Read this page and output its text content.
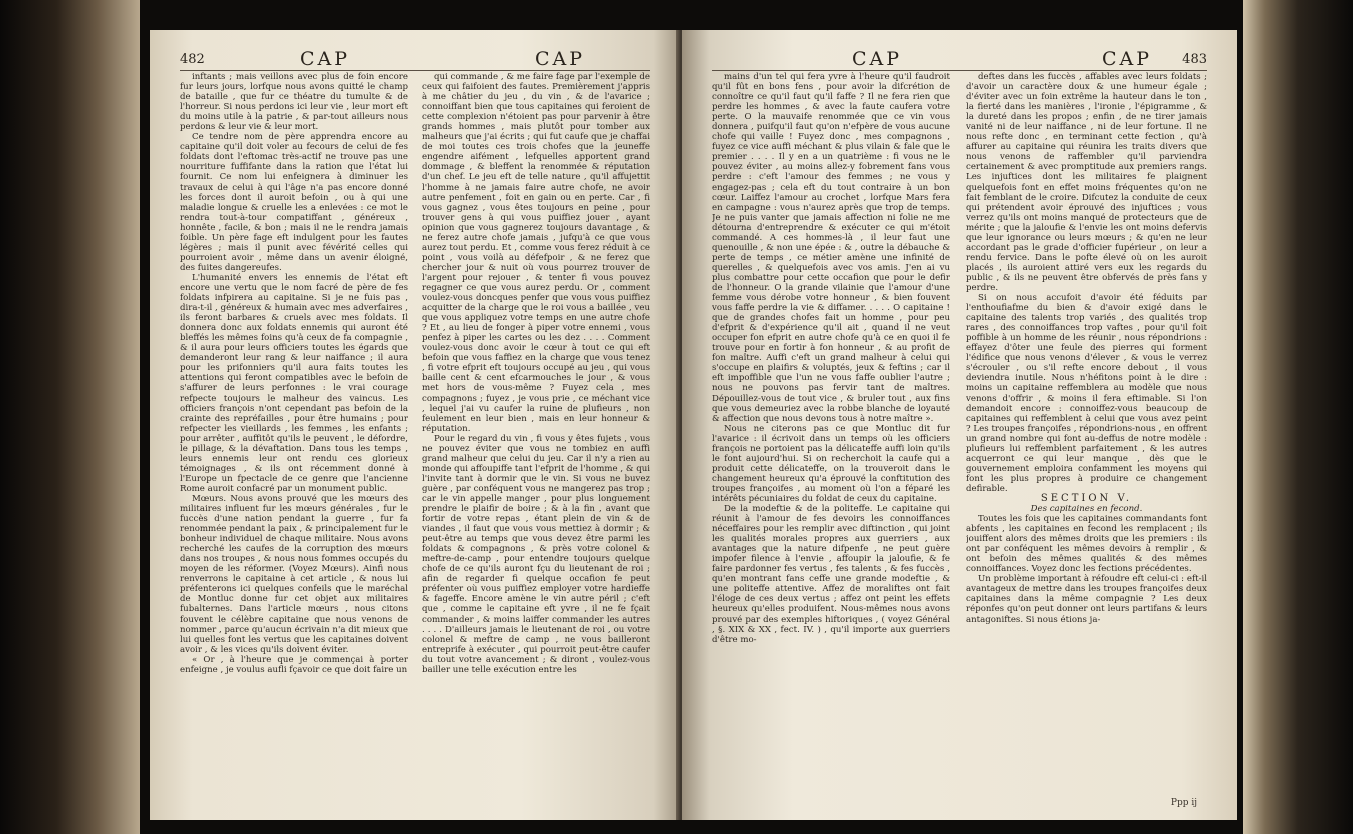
482	CAP	CAP

inftants ; mais veillons avec plus de foin encore fur leurs jours, lorfque nous avons quitté le champ de bataille , que fur ce théatre du tumulte & de l'horreur. Si nous perdons ici leur vie , leur mort eft du moins utile à la patrie , & par-tout ailleurs nous perdons & leur vie & leur mort.

Ce tendre nom de père apprendra encore au capitaine qu'il doit voler au fecours de celui de fes foldats dont l'eftomac très-actif ne trouve pas une nourriture fuffifante dans la ration que l'état lui fournit. Ce nom lui enfeignera à diminuer les travaux de celui à qui l'âge n'a pas encore donné les forces dont il auroit befoin , ou à qui une maladie longue & cruelle les a enlevées : ce mot le rendra tout-à-tour compatiffant , généreux , honnête , facile, & bon ; mais il ne le rendra jamais foible. Un père fage eft indulgent pour les fautes légères ; mais il punit avec févérité celles qui pourroient avoir , même dans un avenir éloigné, des fuites dangereufes.

L'humanité envers les ennemis de l'état eft encore une vertu que le nom facré de père de fes foldats infpirera au capitaine. Si je ne fuis pas , dira-t-il , généreux & humain avec mes adverfaires , ils feront barbares & cruels avec mes foldats. Il donnera donc aux foldats ennemis qui auront été bleffés les mêmes foins qu'à ceux de fa compagnie , & il aura pour leurs officiers toutes les égards que demanderont leur rang & leur naiffance ; il aura pour les prifonniers qu'il aura faits toutes les attentions qui feront compatibles avec le befoin de s'affurer de leurs perfonnes : le vrai courage refpecte toujours le malheur des vaincus. Les officiers françois n'ont cependant pas befoin de la crainte des repréfailles , pour être humains ; pour refpecter les vieillards , les femmes , les enfants ; pour arrêter , auffitôt qu'ils le peuvent , le défordre, le pillage, & la dévaftation. Dans tous les temps , leurs ennemis leur ont rendu ces glorieux témoignages , & ils ont récemment donné à l'Europe un fpectacle de ce genre que l'ancienne Rome auroit confacré par un monument public.

Mœurs. Nous avons prouvé que les mœurs des militaires influent fur les mœurs générales , fur le fuccès d'une nation pendant la guerre , fur fa renommée pendant la paix , & principalement fur le bonheur individuel de chaque militaire. Nous avons recherché les caufes de la corruption des mœurs dans nos troupes , & nous nous fommes occupés du moyen de les réformer. (Voyez Mœurs). Ainfi nous renverrons le capitaine à cet article , & nous lui préfenterons ici quelques confeils que le maréchal de Montluc donne fur cet objet aux militaires fubalternes. Dans l'article mœurs , nous citons fouvent le célèbre capitaine que nous venons de nommer , parce qu'aucun écrivain n'a dit mieux que lui quelles font les vertus que les capitaines doivent avoir , & les vices qu'ils doivent éviter.

« Or , à l'heure que je commençai à porter enfeigne , je voulus aufli fçavoir ce que doit faire un

qui commande , & me faire fage par l'exemple de ceux qui faifoient des fautes. Premièrement j'appris à me châtier du jeu , du vin , & de l'avarice ; connoiffant bien que tous capitaines qui feroient de cette complexion n'étoient pas pour parvenir à être grands hommes , mais plutôt pour tomber aux malheurs que j'ai écrits ; qui fut caufe que je chaffai de moi toutes ces trois chofes que la jeuneffe engendre aifément , lefquelles apportent grand dommage , & bleffent la renommée & réputation d'un chef. Le jeu eft de telle nature , qu'il affujettit l'homme à ne jamais faire autre chofe, ne avoir autre penfement , foit en gain ou en perte. Car , fi vous gagnez , vous êtes toujours en peine , pour trouver gens à qui vous puiffiez jouer , ayant opinion que vous gagnerez toujours davantage , & ne ferez autre chofe jamais , jufqu'à ce que vous aurez tout perdu. Et , comme vous ferez réduit à ce point , vous voilà au défefpoir , & ne ferez que chercher jour & nuit où vous pourrez trouver de l'argent pour rejouer , & tenter fi vous pouvez regagner ce que vous aurez perdu. Or , comment voulez-vous doncques penfer que vous vous puiffiez acquitter de la charge que le roi vous a baillée , veu que vous appliquez votre temps en une autre chofe ? Et , au lieu de fonger à piper votre ennemi , vous penfez à piper les cartes ou les dez . . . . Comment voulez-vous donc avoir le cœur à tout ce qui eft befoin que vous faffiez en la charge que vous tenez , fi votre efprit eft toujours occupé au jeu , qui vous baille cent & cent efcarmouches le jour , & vous met hors de vous-même ? Fuyez cela , mes compagnons ; fuyez , je vous prie , ce méchant vice , lequel j'ai vu caufer la ruine de plufieurs , non feulement en leur bien , mais en leur honneur & réputation.

Pour le regard du vin , fi vous y êtes fujets , vous ne pouvez éviter que vous ne tombiez en auffi grand malheur que celui du jeu. Car il n'y a rien au monde qui affoupiffe tant l'efprit de l'homme , & qui l'invite tant à dormir que le vin. Si vous ne buvez guère , par conféquent vous ne mangerez pas trop ; car le vin appelle manger , pour plus longuement prendre le plaifir de boire ; & à la fin , avant que fortir de votre repas , étant plein de vin & de viandes , il faut que vous vous mettiez à dormir ; & peut-être au temps que vous devez être parmi les foldats & compagnons , & près votre colonel & meftre-de-camp , pour entendre toujours quelque chofe de ce qu'ils auront fçu du lieutenant de roi ; afin de regarder fi quelque occafion fe peut préfenter où vous puiffiez employer votre hardieffe & fageffe. Encore amène le vin autre péril ; c'eft que , comme le capitaine eft yvre , il ne fe fçait commander , & moins laiffer commander les autres . . . . D'ailleurs jamais le lieutenant de roi , ou votre colonel & meftre de camp , ne vous bailleront entreprife à exécuter , qui pourroit peut-être caufer du tout votre avancement ; & diront , voulez-vous bailler une telle exécution entre les

CAP	CAP 483

mains d'un tel qui fera yvre à l'heure qu'il faudroit qu'il fût en bons fens , pour avoir la difcrétion de connoître ce qu'il faut qu'il faffe ? Il ne fera rien que perdre les hommes , & avec la faute caufera votre perte. O la mauvaife renommée que ce vin vous donnera , puifqu'il faut qu'on n'efpère de vous aucune chofe qui vaille ! Fuyez donc , mes compagnons , fuyez ce vice auffi méchant & plus vilain & fale que le premier . . . . Il y en a un quatrième : fi vous ne le pouvez éviter , au moins allez-y fobrement fans vous perdre : c'eft l'amour des femmes ; ne vous y engagez-pas ; cela eft du tout contraire à un bon cœur. Laiffez l'amour au crochet , lorfque Mars fera en campagne : vous n'aurez après que trop de temps. Je ne puis vanter que jamais affection ni folie ne me détourna d'entreprendre & exécuter ce qui m'étoit commandé. A ces hommes-là , il leur faut une quenouille , & non une épée : & , outre la débauche & perte de temps , ce métier amène une infinité de querelles , & quelquefois avec vos amis. J'en ai vu plus combattre pour cette occafion que pour le defir de l'honneur. O la grande vilainie que l'amour d'une femme vous dérobe votre honneur , & bien fouvent vous faffe perdre la vie & diffamer. . . . . O capitaine ! que de grandes chofes fait un homme , pour peu d'efprit & d'expérience qu'il ait , quand il ne veut occuper fon efprit en autre chofe qu'à ce en quoi il fe trouve pour en fortir à fon honneur , & au profit de fon maître. Auffi c'eft un grand malheur à celui qui s'occupe en plaifirs & voluptés, jeux & feftins ; car il eft impoffible que l'un ne vous faffe oublier l'autre ; nous ne pouvons pas fervir tant de maîtres. Dépouillez-vous de tout vice , & bruler tout , aux fins que vous demeuriez avec la robbe blanche de loyauté & affection que nous devons tous à notre maître ».

Nous ne citerons pas ce que Montluc dit fur l'avarice : il écrivoit dans un temps où les officiers françois ne portoient pas la délicateffe auffi loin qu'ils le font aujourd'hui. Si on recherchoit la caufe qui a produit cette délicateffe, on la trouveroit dans le changement heureux qu'a éprouvé la conftitution des troupes françoifes , au moment où l'on a féparé les intérêts pécuniaires du foldat de ceux du capitaine.

De la modeftie & de la politeffe. Le capitaine qui réunit à l'amour de fes devoirs les connoiffances néceffaires pour les remplir avec diftinction , qui joint les qualités morales propres aux guerriers , aux avantages que la nature difpenfe , ne peut guère impofer filence à l'envie , affoupir la jaloufie, & fe faire pardonner fes vertus , fes talents , & fes fuccès , qu'en montrant fans ceffe une grande modeftie , & une politeffe attentive. Affez de moraliftes ont fait l'éloge de ces deux vertus ; affez ont peint les effets heureux qu'elles produifent. Nous-mêmes nous avons prouvé par des exemples hiftoriques , ( voyez Général , §. XIX & XX , fect. IV. ) , qu'il importe aux guerriers d'être mo-

deftes dans les fuccès , affables avec leurs foldats ; d'avoir un caractère doux & une humeur égale ; d'éviter avec un foin extrême la hauteur dans le ton , la fierté dans les manières , l'ironie , l'épigramme , & la dureté dans les propos ; enfin , de ne tirer jamais vanité ni de leur naiffance , ni de leur fortune. Il ne nous refte donc , en terminant cette fection , qu'à affurer au capitaine qui réunira les traits divers que nous venons de raffembler qu'il parviendra certainement & avec promptitude aux premiers rangs. Les injuftices dont les militaires fe plaignent quelquefois font en effet moins fréquentes qu'on ne fait femblant de le croire. Difcutez la conduite de ceux qui prétendent avoir éprouvé des injuftices ; vous verrez qu'ils ont moins manqué de protecteurs que de mérite ; que la jaloufie & l'envie les ont moins defervis que leur ignorance ou leurs mœurs ; & qu'en ne leur accordant pas le grade d'officier fupérieur , on leur a rendu fervice. Dans le pofte élevé où on les auroit placés , ils auroient attiré vers eux les regards du public , & ils ne peuvent être obfervés de près fans y perdre.

Si on nous accufoit d'avoir été féduits par l'enthoufiafme du bien & d'avoir exigé dans le capitaine des talents trop variés , des qualités trop rares , des connoiffances trop vaftes , pour qu'il foit poffible à un homme de les réunir , nous répondrions : effayez d'ôter une feule des pierres qui forment l'édifice que nous venons d'élever , & vous le verrez s'écrouler , ou s'il refte encore debout , il vous deviendra inutile. Nous n'héfitons point à le dire : moins un capitaine reffemblera au modèle que nous venons d'offrir , & moins il fera eftimable. Si l'on demandoit encore : connoiffez-vous beaucoup de capitaines qui reffemblent à celui que vous avez peint ? Les troupes françoifes , répondrions-nous , en offrent un grand nombre qui font au-deffus de notre modèle : plufieurs lui reffemblent parfaitement , & les autres acquerront ce qui leur manque , dès que le gouvernement emploira confamment les moyens qui font les plus propres à produire ce changement defirable.

SECTION V.

Des capitaines en fecond.

Toutes les fois que les capitaines commandants font abfents , les capitaines en fecond les remplacent ; ils jouiffent alors des mêmes droits que les premiers : ils ont par conféquent les mêmes devoirs à remplir , & ont befoin des mêmes qualités & des mêmes connoiffances. Voyez donc les fections précédentes.

Un problème important à réfoudre eft celui-ci : eft-il avantageux de mettre dans les troupes françoifes deux capitaines dans la même compagnie ? Les deux réponfes qu'on peut donner ont leurs partifans & leurs antagoniftes. Si nous étions ja-

Ppp ij
